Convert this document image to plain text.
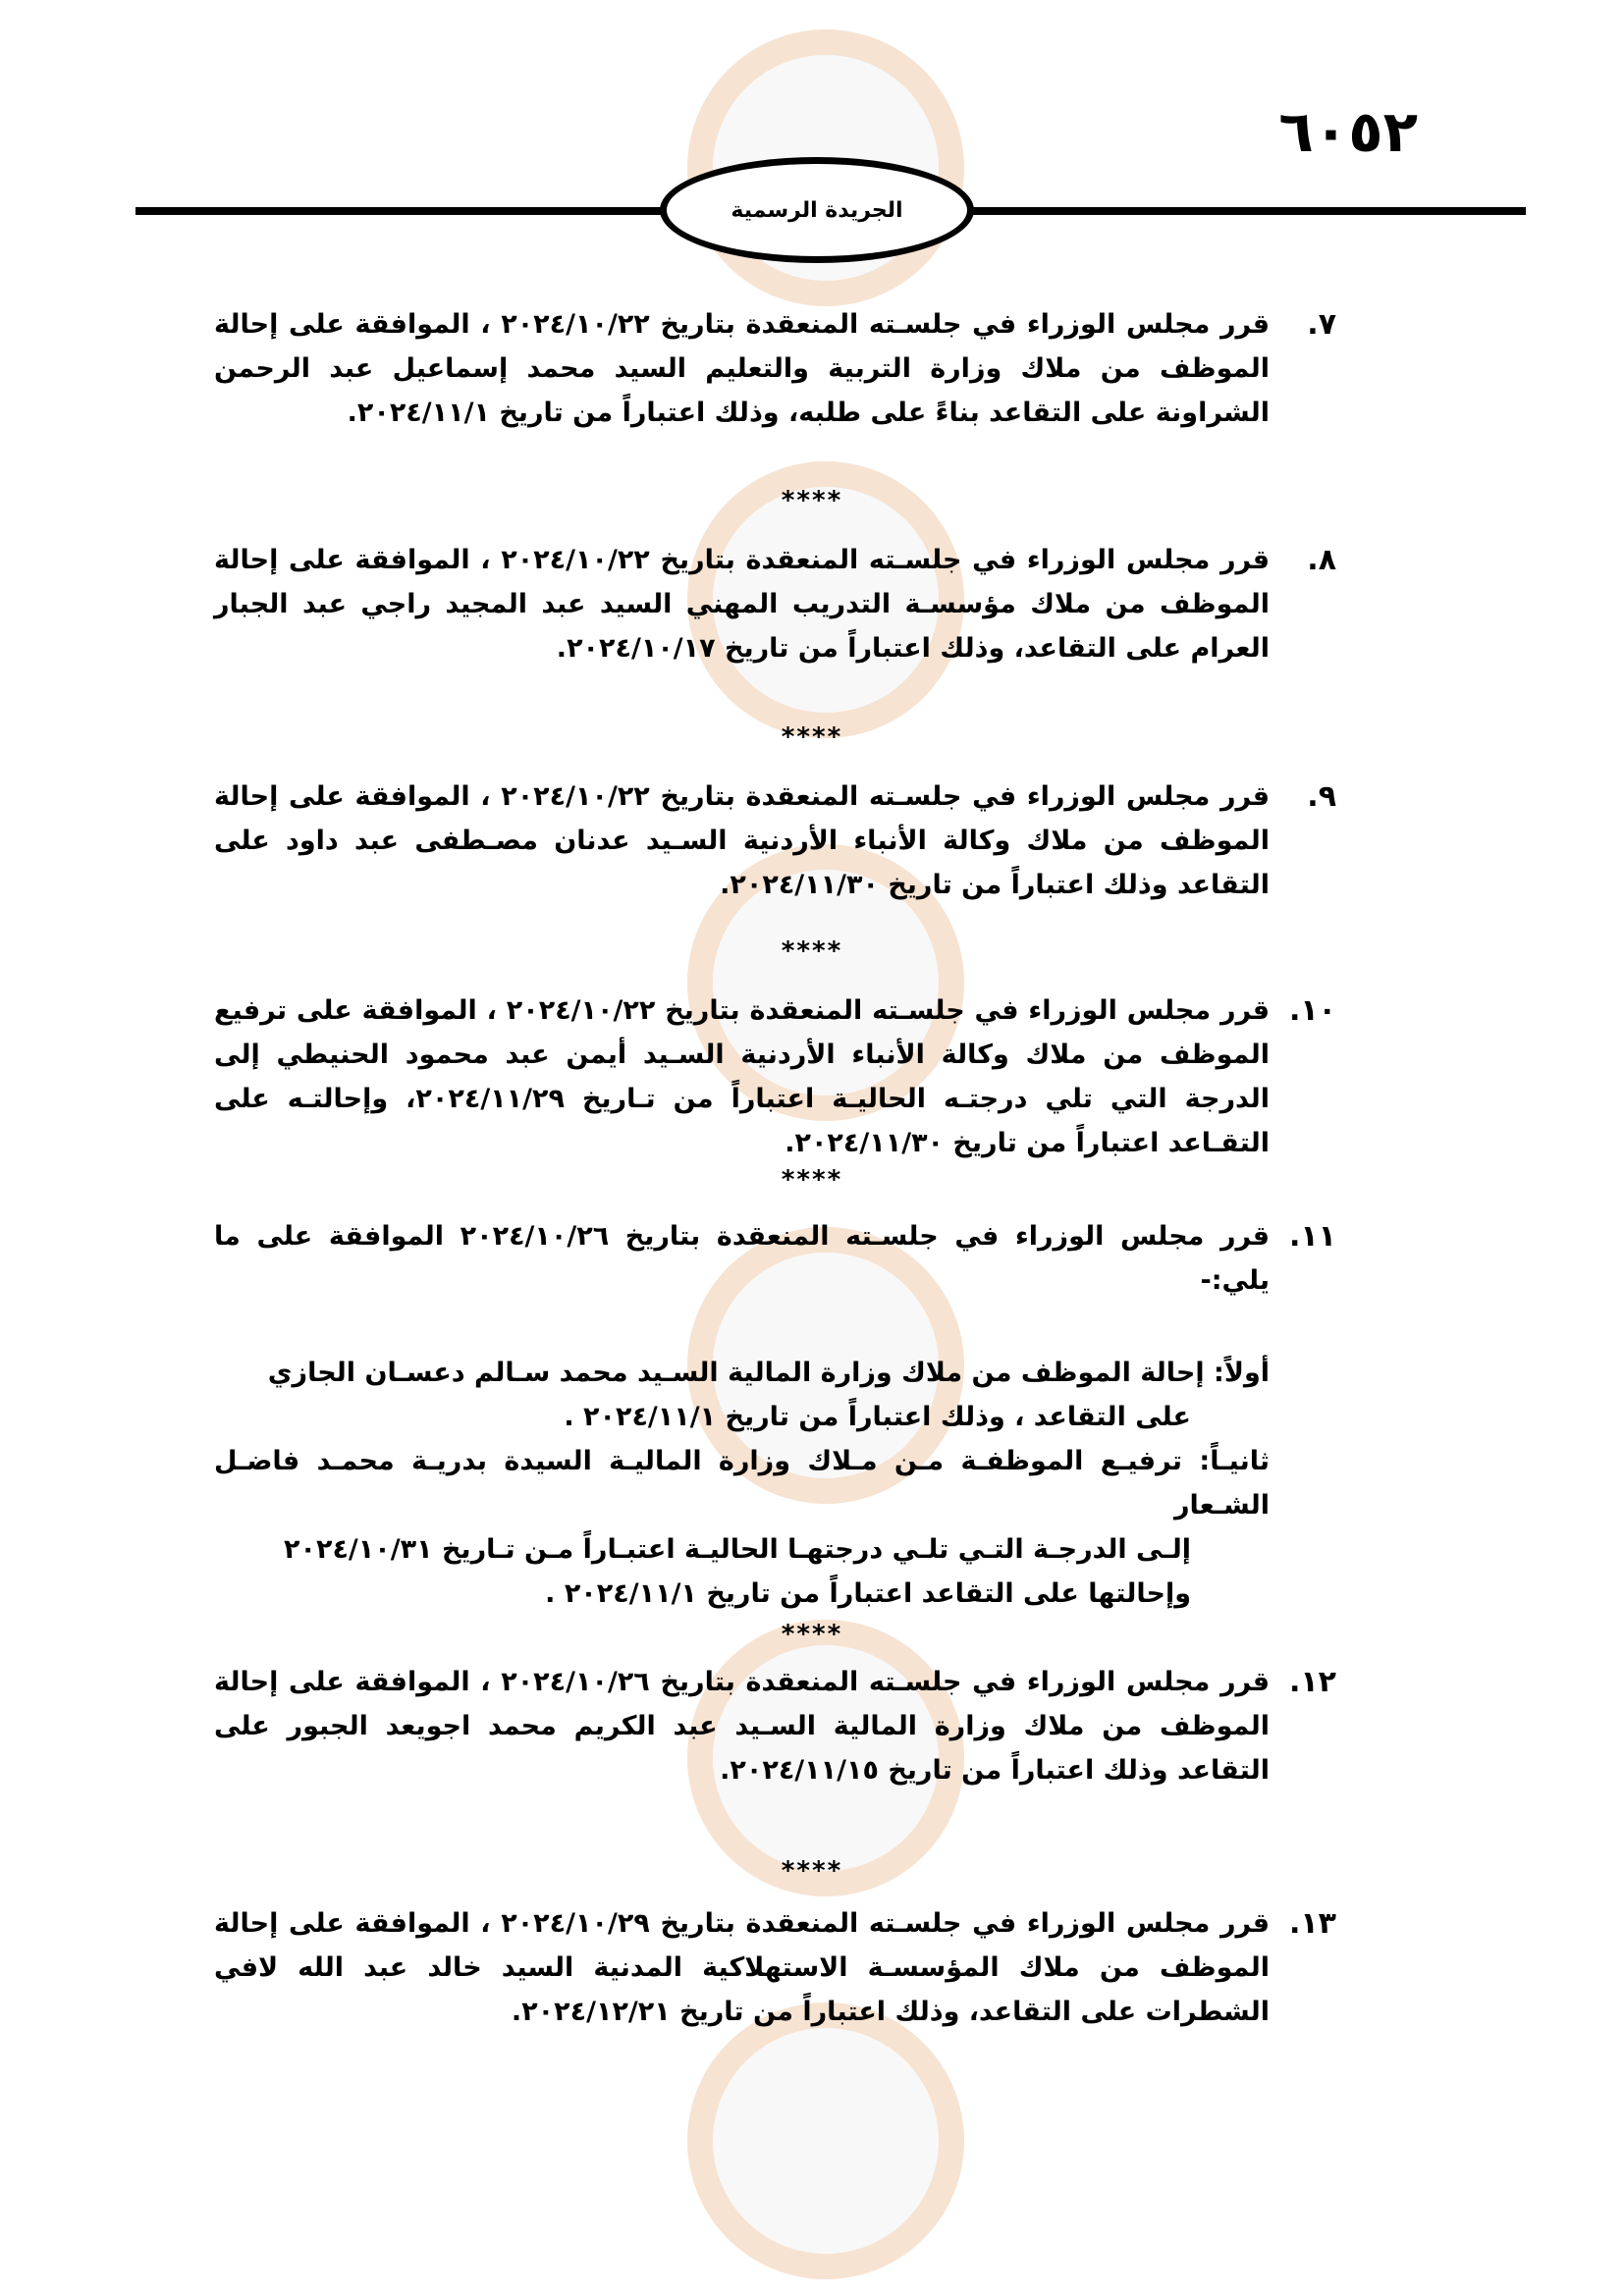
٦٠٥٢
الجريدة الرسمية
٧.

قرر مجلس الوزراء في جلسـته المنعقدة بتاريخ ٢٠٢٤/١٠/٢٢ ، الموافقة على إحالة الموظف من ملاك وزارة التربية والتعليم السيد محمد إسماعيل عبد الرحمن الشراونة على التقاعد بناءً على طلبه، وذلك اعتباراً من تاريخ ٢٠٢٤/١١/١.

****
٨.

قرر مجلس الوزراء في جلسـته المنعقدة بتاريخ ٢٠٢٤/١٠/٢٢ ، الموافقة على إحالة الموظف من ملاك مؤسسـة التدريب المهني السيد عبد المجيد راجي عبد الجبار العرام على التقاعد، وذلك اعتباراً من تاريخ ٢٠٢٤/١٠/١٧.

****
٩.

قرر مجلس الوزراء في جلسـته المنعقدة بتاريخ ٢٠٢٤/١٠/٢٢ ، الموافقة على إحالة الموظف من ملاك وكالة الأنباء الأردنية السـيد عدنان مصـطفى عبد داود على التقاعد وذلك اعتباراً من تاريخ ٢٠٢٤/١١/٣٠.

****
١٠.

قرر مجلس الوزراء في جلسـته المنعقدة بتاريخ ٢٠٢٤/١٠/٢٢ ، الموافقة على ترفيع الموظف من ملاك وكالة الأنباء الأردنية السـيد أيمن عبد محمود الحنيطي إلى الدرجة التي تلي درجتـه الحاليـة اعتباراً من تـاريخ ٢٠٢٤/١١/٢٩، وإحالتـه على التقـاعد اعتباراً من تاريخ ٢٠٢٤/١١/٣٠.

****
١١.

قرر مجلس الوزراء في جلسـته المنعقدة بتاريخ ٢٠٢٤/١٠/٢٦ الموافقة على ما يلي:-

أولاً: إحالة الموظف من ملاك وزارة المالية السـيد محمد سـالم دعسـان الجازي

على التقاعد ، وذلك اعتباراً من تاريخ ٢٠٢٤/١١/١ .

ثانيـاً: ترفيـع الموظفـة مـن مـلاك وزارة الماليـة السيدة بدريـة محمـد فاضـل الشـعار

إلـى الدرجـة التـي تلـي درجتهـا الحاليـة اعتبـاراً مـن تـاريخ ٢٠٢٤/١٠/٣١

وإحالتها على التقاعد اعتباراً من تاريخ ٢٠٢٤/١١/١ .

****
١٢.

قرر مجلس الوزراء في جلسـته المنعقدة بتاريخ ٢٠٢٤/١٠/٢٦ ، الموافقة على إحالة الموظف من ملاك وزارة المالية السـيد عبد الكريم محمد اجويعد الجبور على التقاعد وذلك اعتباراً من تاريخ ٢٠٢٤/١١/١٥.

****
١٣.

قرر مجلس الوزراء في جلسـته المنعقدة بتاريخ ٢٠٢٤/١٠/٢٩ ، الموافقة على إحالة الموظف من ملاك المؤسسـة الاستهلاكية المدنية السيد خالد عبد الله لافي الشطرات على التقاعد، وذلك اعتباراً من تاريخ ٢٠٢٤/١٢/٢١.
